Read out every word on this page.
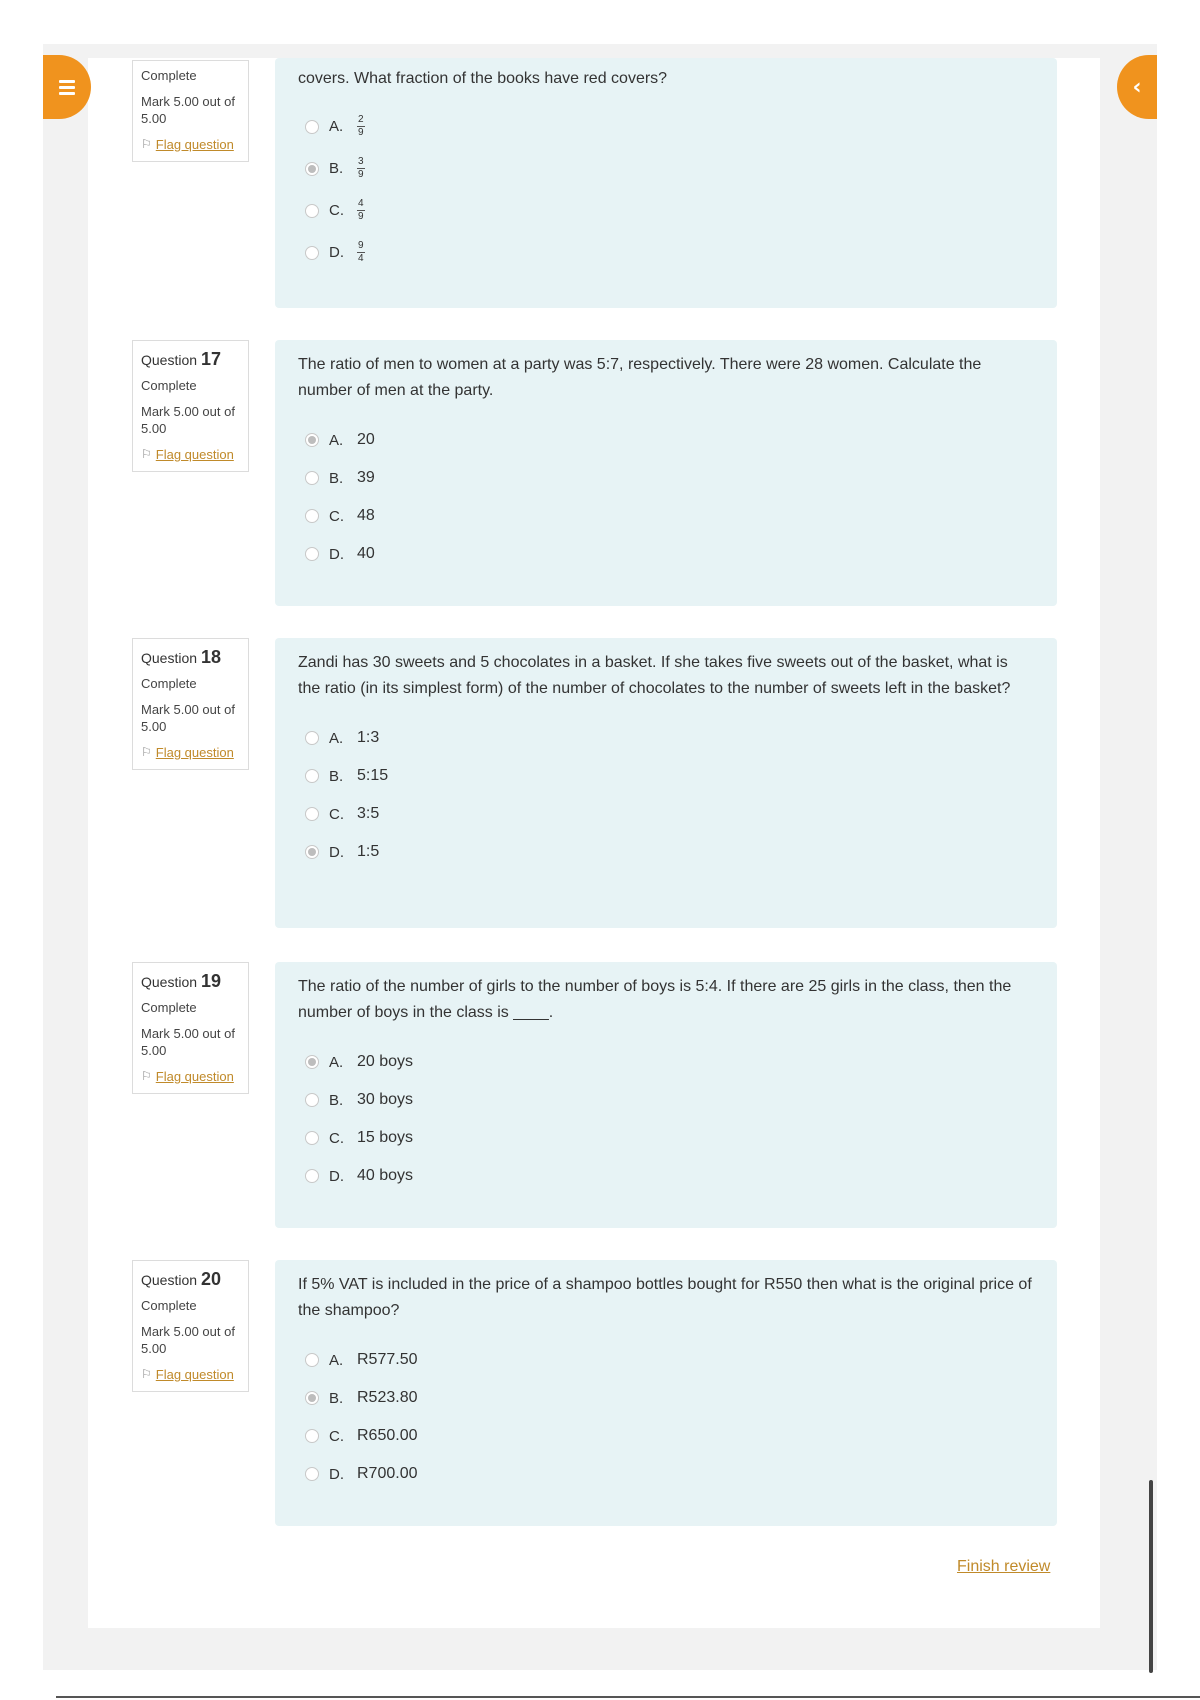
‹
Complete
Mark 5.00 out of 5.00
⚐ Flag question
covers. What fraction of the books have red covers?
A.	$\frac{2}{9}$
B.	$\frac{3}{9}$
C.	$\frac{4}{9}$
D.	$\frac{9}{4}$
Question 17
Complete
Mark 5.00 out of 5.00
⚐ Flag question
The ratio of men to women at a party was 5:7, respectively. There were 28 women. Calculate the number of men at the party.
A. 20
B. 39
C. 48
D. 40
Question 18
Complete
Mark 5.00 out of 5.00
⚐ Flag question
Zandi has 30 sweets and 5 chocolates in a basket. If she takes five sweets out of the basket, what is the ratio (in its simplest form) of the number of chocolates to the number of sweets left in the basket?
A. 1:3
B. 5:15
C. 3:5
D. 1:5
Question 19
Complete
Mark 5.00 out of 5.00
⚐ Flag question
The ratio of the number of girls to the number of boys is 5:4. If there are 25 girls in the class, then the number of boys in the class is ____.
A. 20 boys
B. 30 boys
C. 15 boys
D. 40 boys
Question 20
Complete
Mark 5.00 out of 5.00
⚐ Flag question
If 5% VAT is included in the price of a shampoo bottles bought for R550 then what is the original price of the shampoo?
A. R577.50
B. R523.80
C. R650.00
D. R700.00
Finish review
